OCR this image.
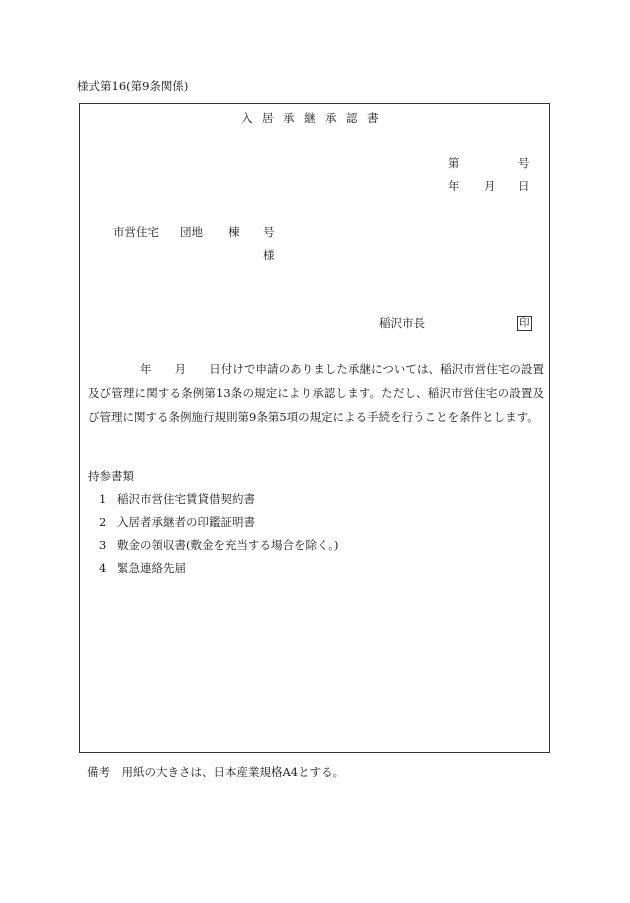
様式第16(第9条関係)
入居承継承認書
第	号
年 月 日
市営住宅 団地 棟 号
様
稲沢市長	印
年　　月　　日付けで申請のありました承継については、稲沢市営住宅の設置及び管理に関する条例第13条の規定により承認します。ただし、稲沢市営住宅の設置及び管理に関する条例施行規則第9条第5項の規定による手続を行うことを条件とします。
持参書類
1 稲沢市営住宅賃貸借契約書
2 入居者承継者の印鑑証明書
3 敷金の領収書(敷金を充当する場合を除く。)
4 緊急連絡先届
備考　用紙の大きさは、日本産業規格A4とする。
